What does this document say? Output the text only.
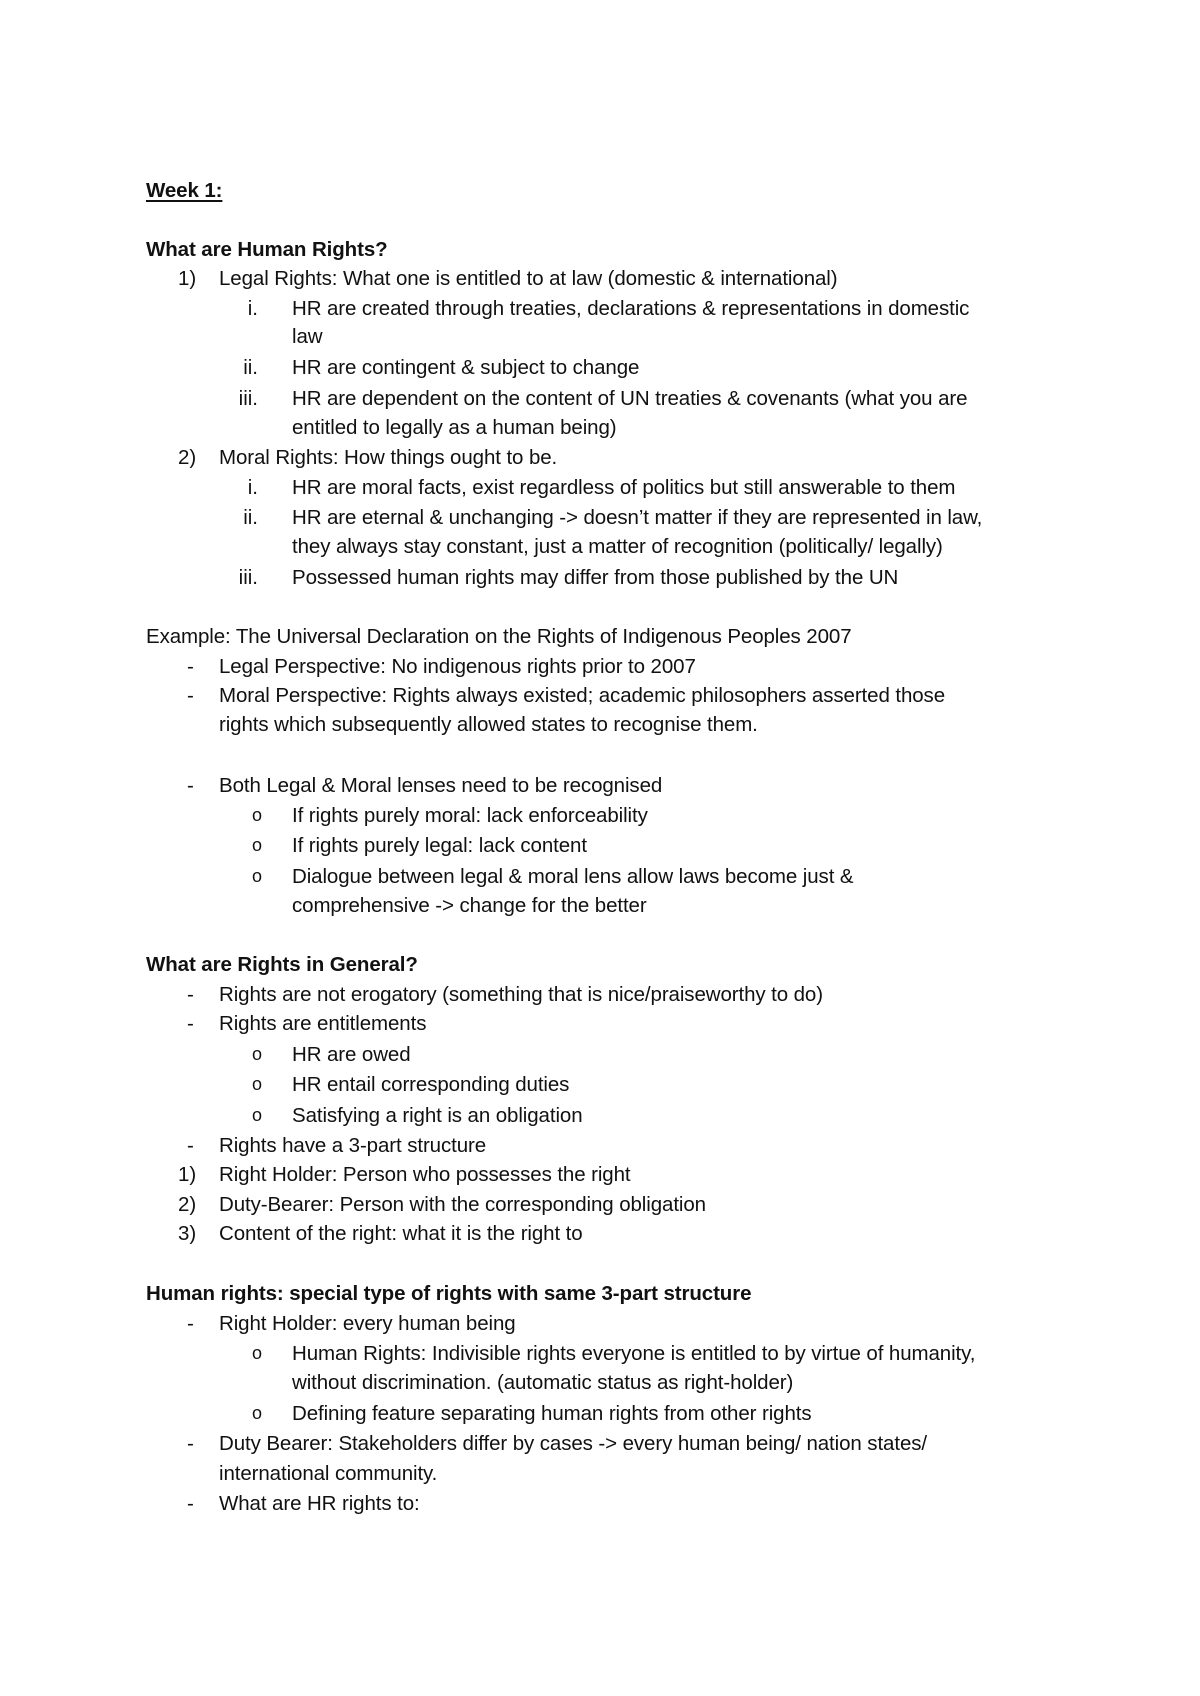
Week 1:
What are Human Rights?
1)	Legal Rights: What one is entitled to at law (domestic & international)
i. HR are created through treaties, declarations & representations in domestic
law
ii. HR are contingent & subject to change
iii. HR are dependent on the content of UN treaties & covenants (what you are
entitled to legally as a human being)
2)	Moral Rights: How things ought to be.
i. HR are moral facts, exist regardless of politics but still answerable to them
ii. HR are eternal & unchanging -> doesn’t matter if they are represented in law,
they always stay constant, just a matter of recognition (politically/ legally)
iii. Possessed human rights may differ from those published by the UN
Example: The Universal Declaration on the Rights of Indigenous Peoples 2007
- Legal Perspective: No indigenous rights prior to 2007
- Moral Perspective: Rights always existed; academic philosophers asserted those
rights which subsequently allowed states to recognise them.
- Both Legal & Moral lenses need to be recognised
o If rights purely moral: lack enforceability
o If rights purely legal: lack content
o Dialogue between legal & moral lens allow laws become just &
comprehensive -> change for the better
What are Rights in General?
- Rights are not erogatory (something that is nice/praiseworthy to do)
- Rights are entitlements
o HR are owed
o HR entail corresponding duties
o Satisfying a right is an obligation
- Rights have a 3-part structure
1)	Right Holder: Person who possesses the right
2)	Duty-Bearer: Person with the corresponding obligation
3)	Content of the right: what it is the right to
Human rights: special type of rights with same 3-part structure
- Right Holder: every human being
o Human Rights: Indivisible rights everyone is entitled to by virtue of humanity,
without discrimination. (automatic status as right-holder)
o Defining feature separating human rights from other rights
- Duty Bearer: Stakeholders differ by cases -> every human being/ nation states/
international community.
- What are HR rights to:
